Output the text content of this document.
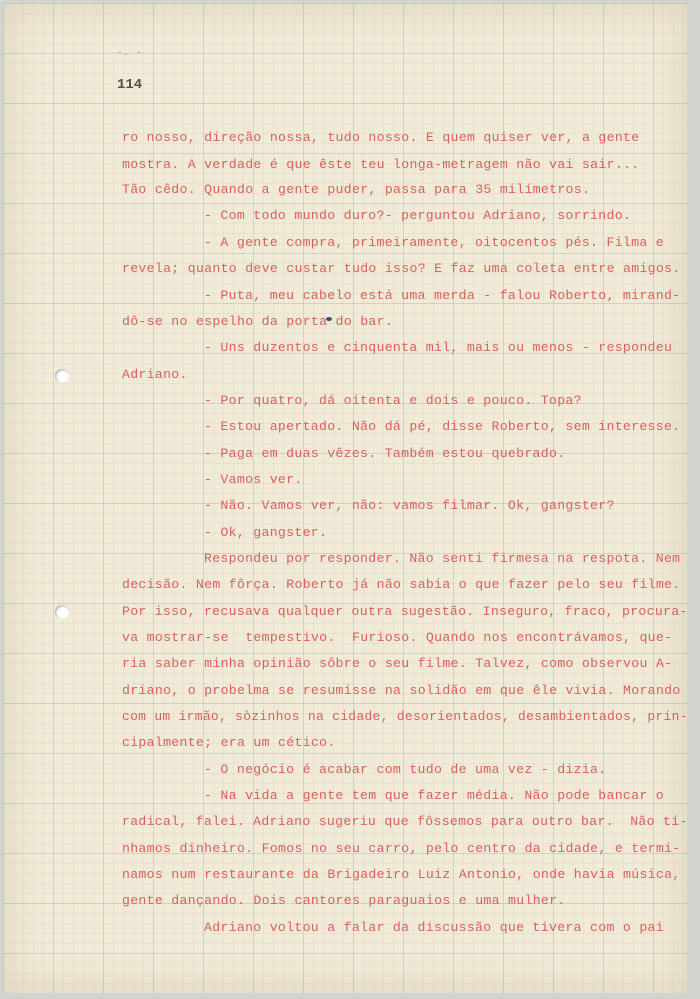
-. -
114
ro nosso, direção nossa, tudo nosso. E quem quiser ver, a gente
mostra. A verdade é que êste teu longa-metragem não vai sair...
Tão cêdo. Quando a gente puder, passa para 35 milímetros.
- Com todo mundo duro?- perguntou Adriano, sorrindo.
- A gente compra, primeiramente, oitocentos pés. Filma e
revela; quanto deve custar tudo isso? E faz uma coleta entre amigos.
- Puta, meu cabelo está uma merda - falou Roberto, mirand-
dô-se no espelho da porta do bar.
- Uns duzentos e cinquenta mil, mais ou menos - respondeu
Adriano.
- Por quatro, dá oitenta e dois e pouco. Topa?
- Estou apertado. Não dá pé, disse Roberto, sem interesse.
- Paga em duas vêzes. Também estou quebrado.
- Vamos ver.
- Não. Vamos ver, não: vamos filmar. Ok, gangster?
- Ok, gangster.
Respondeu por responder. Não senti firmesa na respota. Nem
decisão. Nem fôrça. Roberto já não sabia o que fazer pelo seu filme.
Por isso, recusava qualquer outra sugestão. Inseguro, fraco, procura-
va mostrar-se  tempestivo.  Furioso. Quando nos encontrávamos, que-
ria saber minha opinião sôbre o seu filme. Talvez, como observou A-
driano, o probelma se resumisse na solidão em que êle vivia. Morando
com um irmão, sòzinhos na cidade, desorientados, desambientados, prin-
cipalmente; era um cético.
- O negócio é acabar com tudo de uma vez - dizia.
- Na vida a gente tem que fazer média. Não pode bancar o
radical, falei. Adriano sugeriu que fôssemos para outro bar.  Não tí-
nhamos dinheiro. Fomos no seu carro, pelo centro da cidade, e termi-
namos num restaurante da Brigadeiro Luiz Antonio, onde havia música,
gente dançando. Dois cantores paraguaios e uma mulher.
Adriano voltou a falar da discussão que tivera com o pai
